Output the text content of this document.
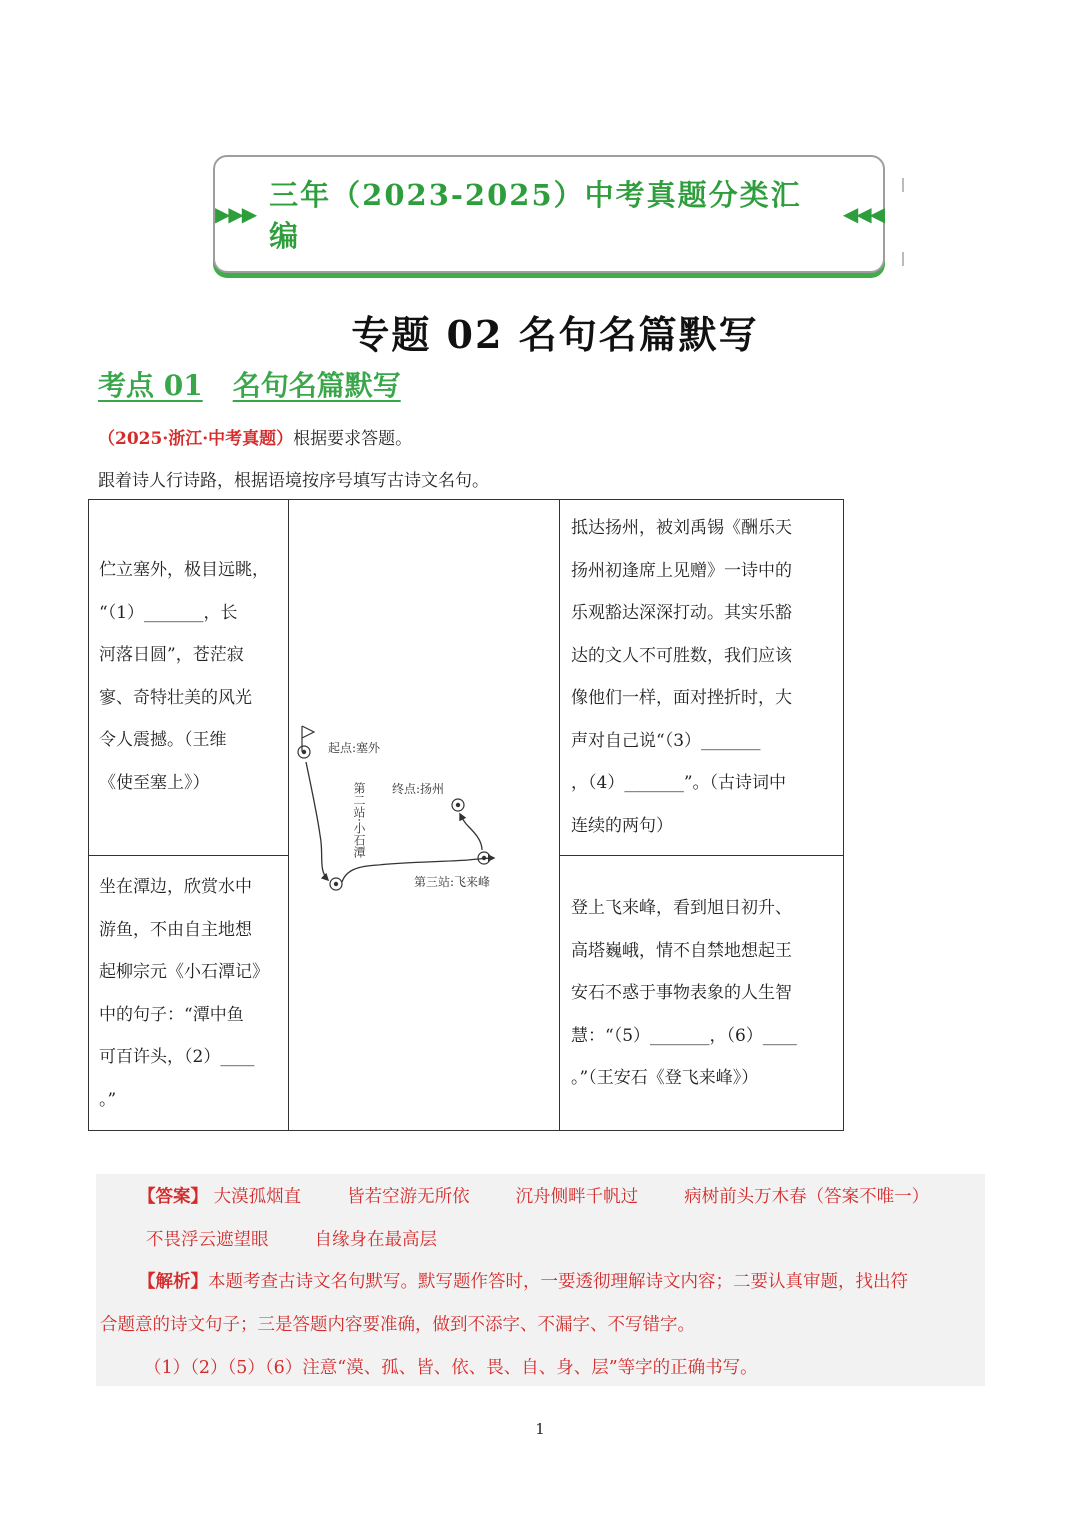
▶▶▶
三年（2023-2025）中考真题分类汇编
◀◀◀
专题 02 名句名篇默写
考点 01 名句名篇默写
（2025·浙江·中考真题）根据要求答题。
跟着诗人行诗路，根据语境按序号填写古诗文名句。
伫立塞外，极目远眺，
“（1）_______，长
河落日圆”，苍茫寂
寥、奇特壮美的风光
令人震撼。（王维
《使至塞上》）
坐在潭边，欣赏水中
游鱼，不由自主地想
起柳宗元《小石潭记》
中的句子：“潭中鱼
可百许头，（2）____
。”
抵达扬州，被刘禹锡《酬乐天
扬州初逢席上见赠》一诗中的
乐观豁达深深打动。其实乐豁
达的文人不可胜数，我们应该
像他们一样，面对挫折时，大
声对自己说“（3）_______
，（4）_______”。（古诗词中
连续的两句）
登上飞来峰，看到旭日初升、
高塔巍峨，情不自禁地想起王
安石不惑于事物表象的人生智
慧：“（5）_______，（6）____
。”（王安石《登飞来峰》）
起点:塞外
第二站·小石潭
第三站:飞来峰
终点:扬州
【答案】 大漠孤烟直	皆若空游无所依	沉舟侧畔千帆过	病树前头万木春（答案不唯一）
不畏浮云遮望眼	自缘身在最高层
【解析】本题考查古诗文名句默写。默写题作答时，一要透彻理解诗文内容；二要认真审题，找出符
合题意的诗文句子；三是答题内容要准确，做到不添字、不漏字、不写错字。
（1）（2）（5）（6）注意“漠、孤、皆、依、畏、自、身、层”等字的正确书写。
1
